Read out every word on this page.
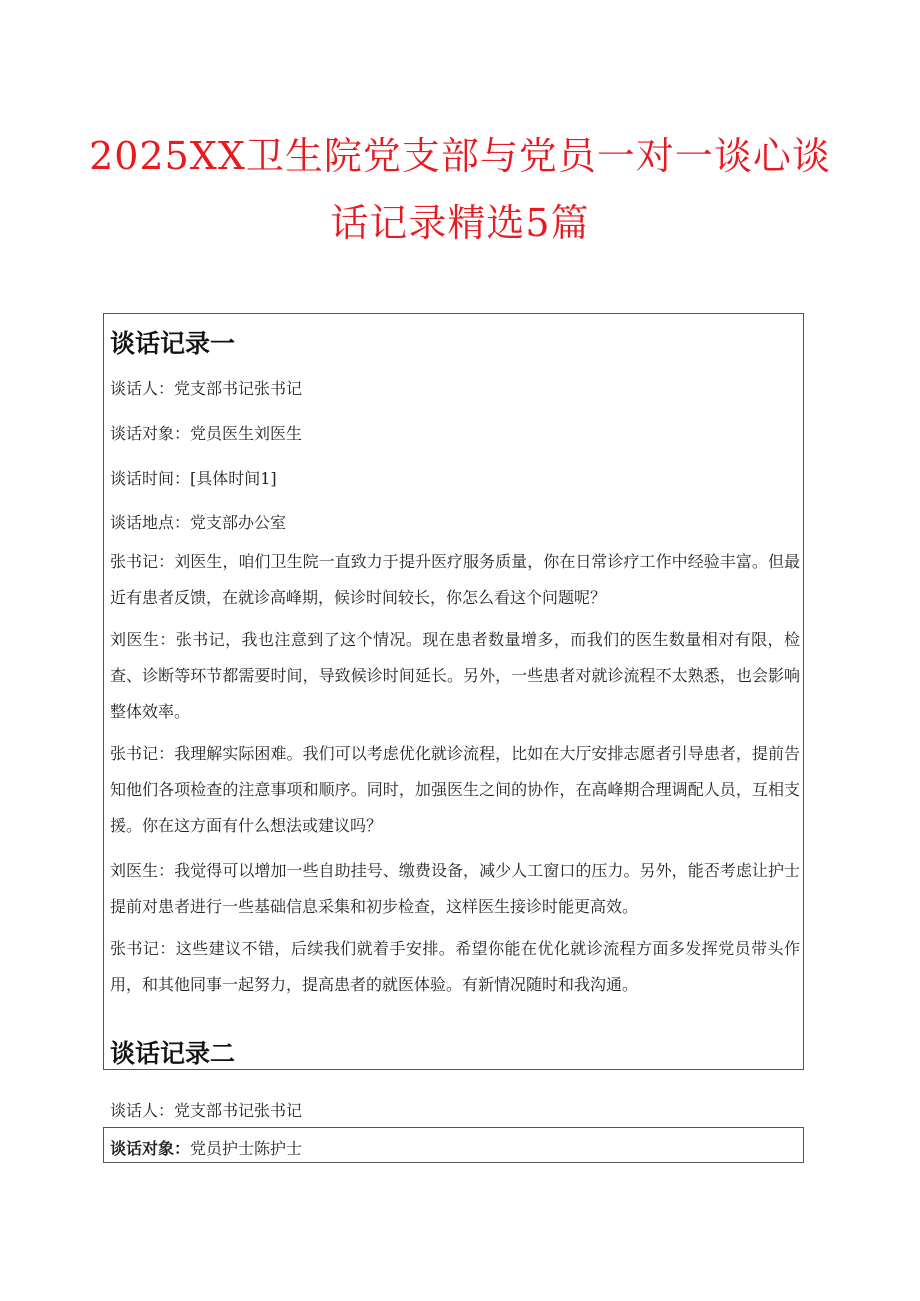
2025XX卫生院党支部与党员一对一谈心谈
话记录精选5篇
谈话记录一

谈话人：党支部书记张书记

谈话对象：党员医生刘医生

谈话时间：[具体时间1]

谈话地点：党支部办公室

张书记：刘医生，咱们卫生院一直致力于提升医疗服务质量，你在日常诊疗工作中经验丰富。但最近有患者反馈，在就诊高峰期，候诊时间较长，你怎么看这个问题呢？

刘医生：张书记，我也注意到了这个情况。现在患者数量增多，而我们的医生数量相对有限，检查、诊断等环节都需要时间，导致候诊时间延长。另外，一些患者对就诊流程不太熟悉，也会影响整体效率。

张书记：我理解实际困难。我们可以考虑优化就诊流程，比如在大厅安排志愿者引导患者，提前告知他们各项检查的注意事项和顺序。同时，加强医生之间的协作，在高峰期合理调配人员，互相支援。你在这方面有什么想法或建议吗？

刘医生：我觉得可以增加一些自助挂号、缴费设备，减少人工窗口的压力。另外，能否考虑让护士提前对患者进行一些基础信息采集和初步检查，这样医生接诊时能更高效。

张书记：这些建议不错，后续我们就着手安排。希望你能在优化就诊流程方面多发挥党员带头作用，和其他同事一起努力，提高患者的就医体验。有新情况随时和我沟通。

谈话记录二

谈话人：党支部书记张书记

谈话对象：党员护士陈护士
